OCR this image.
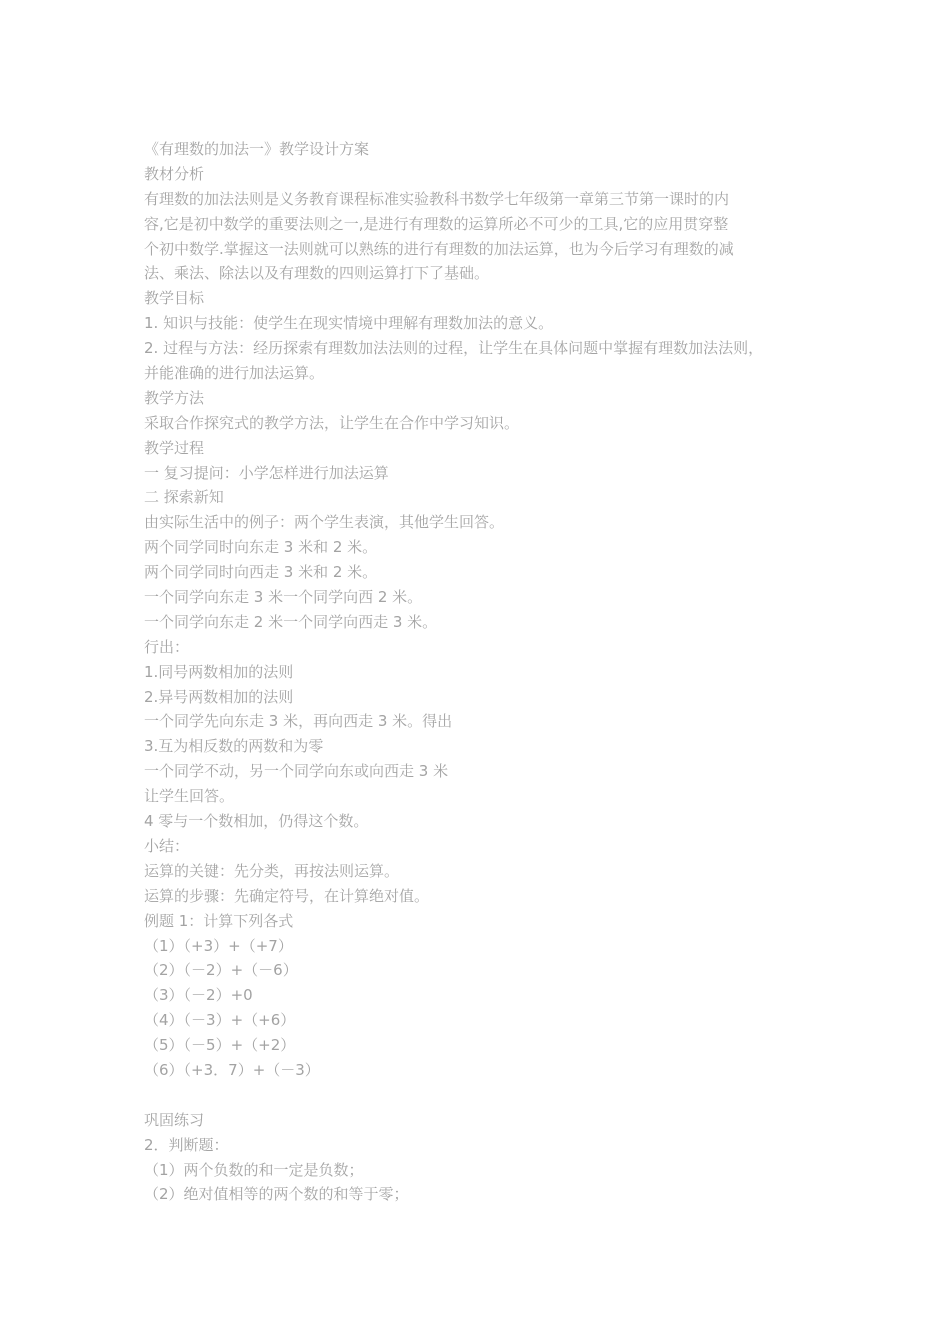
《有理数的加法一》教学设计方案
教材分析
有理数的加法法则是义务教育课程标准实验教科书数学七年级第一章第三节第一课时的内
容,它是初中数学的重要法则之一,是进行有理数的运算所必不可少的工具,它的应用贯穿整
个初中数学.掌握这一法则就可以熟练的进行有理数的加法运算，也为今后学习有理数的减
法、乘法、除法以及有理数的四则运算打下了基础。
教学目标
1. 知识与技能：使学生在现实情境中理解有理数加法的意义。
2. 过程与方法：经历探索有理数加法法则的过程，让学生在具体问题中掌握有理数加法法则，
并能准确的进行加法运算。
教学方法
采取合作探究式的教学方法，让学生在合作中学习知识。
教学过程
一 复习提问：小学怎样进行加法运算
二 探索新知
由实际生活中的例子：两个学生表演，其他学生回答。
两个同学同时向东走 3 米和 2 米。
两个同学同时向西走 3 米和 2 米。
一个同学向东走 3 米一个同学向西 2 米。
一个同学向东走 2 米一个同学向西走 3 米。
行出：
1.同号两数相加的法则
2.异号两数相加的法则
一个同学先向东走 3 米，再向西走 3 米。得出
3.互为相反数的两数和为零
一个同学不动，另一个同学向东或向西走 3 米
让学生回答。
4 零与一个数相加，仍得这个数。
小结：
运算的关键：先分类，再按法则运算。
运算的步骤：先确定符号，在计算绝对值。
例题 1：计算下列各式
（1）（+3）+（+7）
（2）（－2）+（－6）
（3）（－2）+0
（4）（－3）+（+6）
（5）（－5）+（+2）
（6）（+3．7）+（－3）
巩固练习
2．判断题：
（1）两个负数的和一定是负数；
（2）绝对值相等的两个数的和等于零；
